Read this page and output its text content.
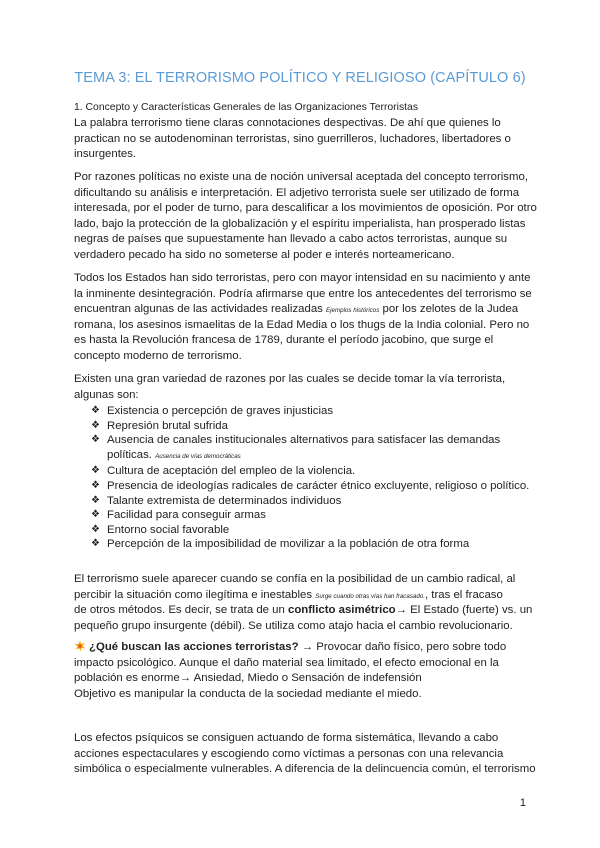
TEMA 3: EL TERRORISMO POLÍTICO Y RELIGIOSO (CAPÍTULO 6)
1. Concepto y Características Generales de las Organizaciones Terroristas
La palabra terrorismo tiene claras connotaciones despectivas. De ahí que quienes lo
practican no se autodenominan terroristas, sino guerrilleros, luchadores, libertadores o
insurgentes.
Por razones políticas no existe una de noción universal aceptada del concepto terrorismo,
dificultando su análisis e interpretación. El adjetivo terrorista suele ser utilizado de forma
interesada, por el poder de turno, para descalificar a los movimientos de oposición. Por otro
lado, bajo la protección de la globalización y el espíritu imperialista, han prosperado listas
negras de países que supuestamente han llevado a cabo actos terroristas, aunque su
verdadero pecado ha sido no someterse al poder e interés norteamericano.
Todos los Estados han sido terroristas, pero con mayor intensidad en su nacimiento y ante
la inminente desintegración. Podría afirmarse que entre los antecedentes del terrorismo se
encuentran algunas de las actividades realizadas Ejemplos históricos por los zelotes de la Judea
romana, los asesinos ismaelitas de la Edad Media o los thugs de la India colonial. Pero no
es hasta la Revolución francesa de 1789, durante el período jacobino, que surge el
concepto moderno de terrorismo.
Existen una gran variedad de razones por las cuales se decide tomar la vía terrorista,
algunas son:
❖ Existencia o percepción de graves injusticias
❖ Represión brutal sufrida
❖ Ausencia de canales institucionales alternativos para satisfacer las demandas
políticas. Ausencia de vías democráticas
❖ Cultura de aceptación del empleo de la violencia.
❖ Presencia de ideologías radicales de carácter étnico excluyente, religioso o político.
❖ Talante extremista de determinados individuos
❖ Facilidad para conseguir armas
❖ Entorno social favorable
❖ Percepción de la imposibilidad de movilizar a la población de otra forma
El terrorismo suele aparecer cuando se confía en la posibilidad de un cambio radical, al
percibir la situación como ilegítima e inestables Surge cuando otras vías han fracasado., tras el fracaso
de otros métodos. Es decir, se trata de un conflicto asimétrico→ El Estado (fuerte) vs. un
pequeño grupo insurgente (débil). Se utiliza como atajo hacia el cambio revolucionario.
¿Qué buscan las acciones terroristas? → Provocar daño físico, pero sobre todo
impacto psicológico. Aunque el daño material sea limitado, el efecto emocional en la
población es enorme→ Ansiedad, Miedo o Sensación de indefensión
Objetivo es manipular la conducta de la sociedad mediante el miedo.
Los efectos psíquicos se consiguen actuando de forma sistemática, llevando a cabo
acciones espectaculares y escogiendo como víctimas a personas con una relevancia
simbólica o especialmente vulnerables. A diferencia de la delincuencia común, el terrorismo
1
